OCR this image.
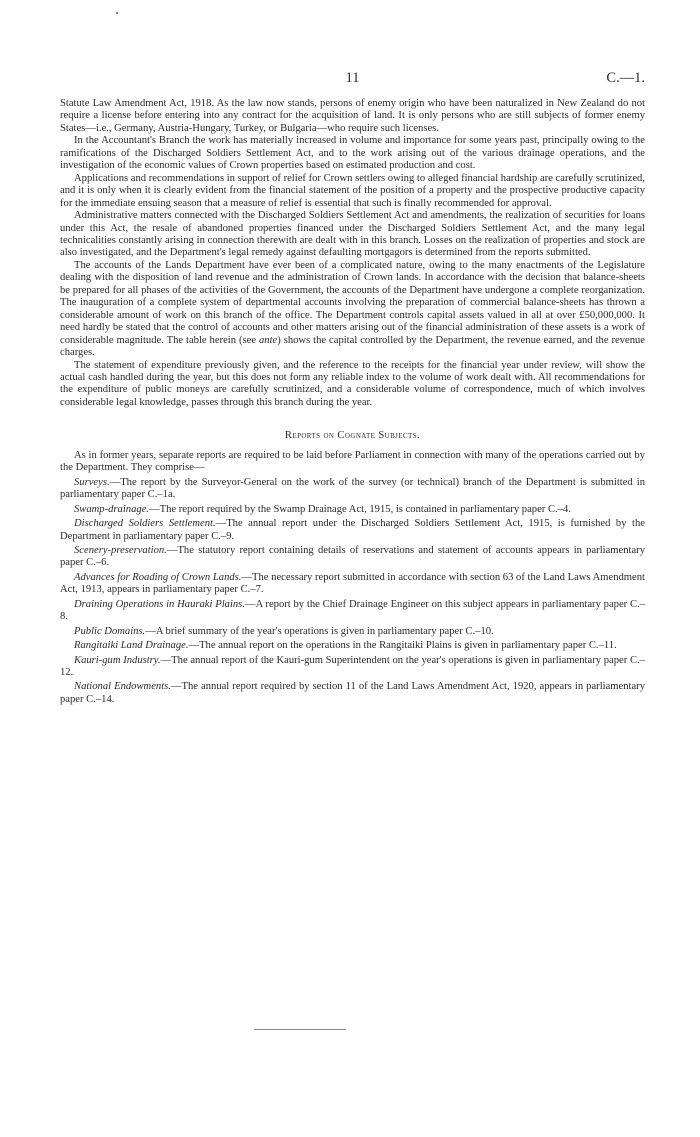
11	C.—1.

Statute Law Amendment Act, 1918. As the law now stands, persons of enemy origin who have been naturalized in New Zealand do not require a license before entering into any contract for the acquisition of land. It is only persons who are still subjects of former enemy States—i.e., Germany, Austria-Hungary, Turkey, or Bulgaria—who require such licenses.

In the Accountant's Branch the work has materially increased in volume and importance for some years past, principally owing to the ramifications of the Discharged Soldiers Settlement Act, and to the work arising out of the various drainage operations, and the investigation of the economic values of Crown properties based on estimated production and cost.

Applications and recommendations in support of relief for Crown settlers owing to alleged financial hardship are carefully scrutinized, and it is only when it is clearly evident from the financial statement of the position of a property and the prospective productive capacity for the immediate ensuing season that a measure of relief is essential that such is finally recommended for approval.

Administrative matters connected with the Discharged Soldiers Settlement Act and amendments, the realization of securities for loans under this Act, the resale of abandoned properties financed under the Discharged Soldiers Settlement Act, and the many legal technicalities constantly arising in connection therewith are dealt with in this branch. Losses on the realization of properties and stock are also investigated, and the Department's legal remedy against defaulting mortgagors is determined from the reports submitted.

The accounts of the Lands Department have ever been of a complicated nature, owing to the many enactments of the Legislature dealing with the disposition of land revenue and the administration of Crown lands. In accordance with the decision that balance-sheets be prepared for all phases of the activities of the Government, the accounts of the Department have undergone a complete reorganization. The inauguration of a complete system of departmental accounts involving the preparation of commercial balance-sheets has thrown a considerable amount of work on this branch of the office. The Department controls capital assets valued in all at over £50,000,000. It need hardly be stated that the control of accounts and other matters arising out of the financial administration of these assets is a work of considerable magnitude. The table herein (see ante) shows the capital controlled by the Department, the revenue earned, and the revenue charges.

The statement of expenditure previously given, and the reference to the receipts for the financial year under review, will show the actual cash handled during the year, but this does not form any reliable index to the volume of work dealt with. All recommendations for the expenditure of public moneys are carefully scrutinized, and a considerable volume of correspondence, much of which involves considerable legal knowledge, passes through this branch during the year.

Reports on Cognate Subjects.

As in former years, separate reports are required to be laid before Parliament in connection with many of the operations carried out by the Department. They comprise—

Surveys.—The report by the Surveyor-General on the work of the survey (or technical) branch of the Department is submitted in parliamentary paper C.–1a.

Swamp-drainage.—The report required by the Swamp Drainage Act, 1915, is contained in parliamentary paper C.–4.

Discharged Soldiers Settlement.—The annual report under the Discharged Soldiers Settlement Act, 1915, is furnished by the Department in parliamentary paper C.–9.

Scenery-preservation.—The statutory report containing details of reservations and statement of accounts appears in parliamentary paper C.–6.

Advances for Roading of Crown Lands.—The necessary report submitted in accordance with section 63 of the Land Laws Amendment Act, 1913, appears in parliamentary paper C.–7.

Draining Operations in Hauraki Plains.—A report by the Chief Drainage Engineer on this subject appears in parliamentary paper C.–8.

Public Domains.—A brief summary of the year's operations is given in parliamentary paper C.–10.

Rangitaiki Land Drainage.—The annual report on the operations in the Rangitaiki Plains is given in parliamentary paper C.–11.

Kauri-gum Industry.—The annual report of the Kauri-gum Superintendent on the year's operations is given in parliamentary paper C.–12.

National Endowments.—The annual report required by section 11 of the Land Laws Amendment Act, 1920, appears in parliamentary paper C.–14.
